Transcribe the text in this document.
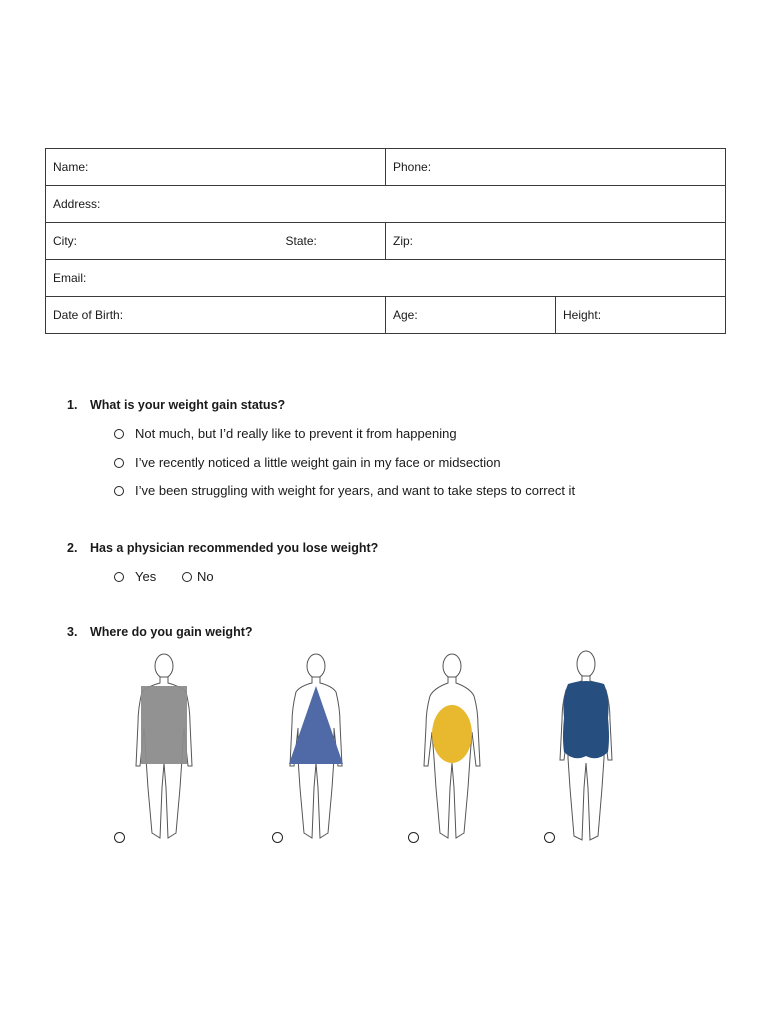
Name:		Phone:	
Address:			
City:	State:	Zip:	
Email:			
Date of Birth:		Age:	Height:
1. What is your weight gain status?
Not much, but I’d really like to prevent it from happening
I’ve recently noticed a little weight gain in my face or midsection
I’ve been struggling with weight for years, and want to take steps to correct it
2. Has a physician recommended you lose weight?
Yes	No
3. Where do you gain weight?
